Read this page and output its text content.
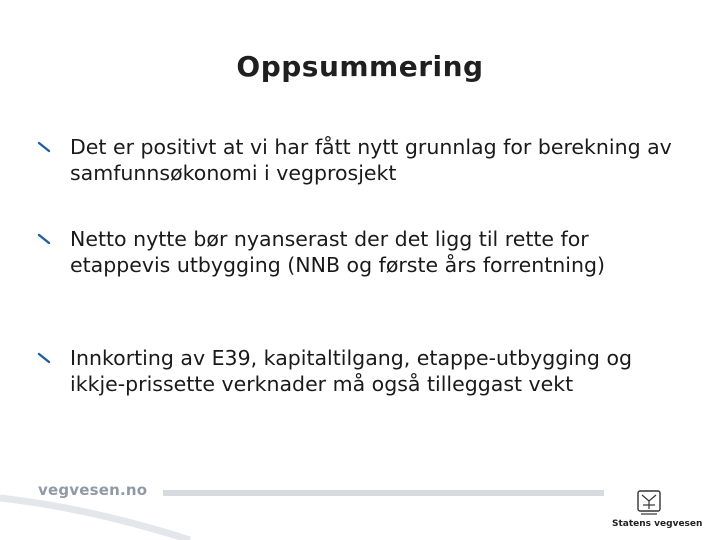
Oppsummering
Det er positivt at vi har fått nytt grunnlag for berekning av samfunnsøkonomi i vegprosjekt
Netto nytte bør nyanserast der det ligg til rette for etappevis utbygging (NNB og første års forrentning)
Innkorting av E39, kapitaltilgang, etappe-utbygging og ikkje-prissette verknader må også tilleggast vekt
vegvesen.no
Statens vegvesen
